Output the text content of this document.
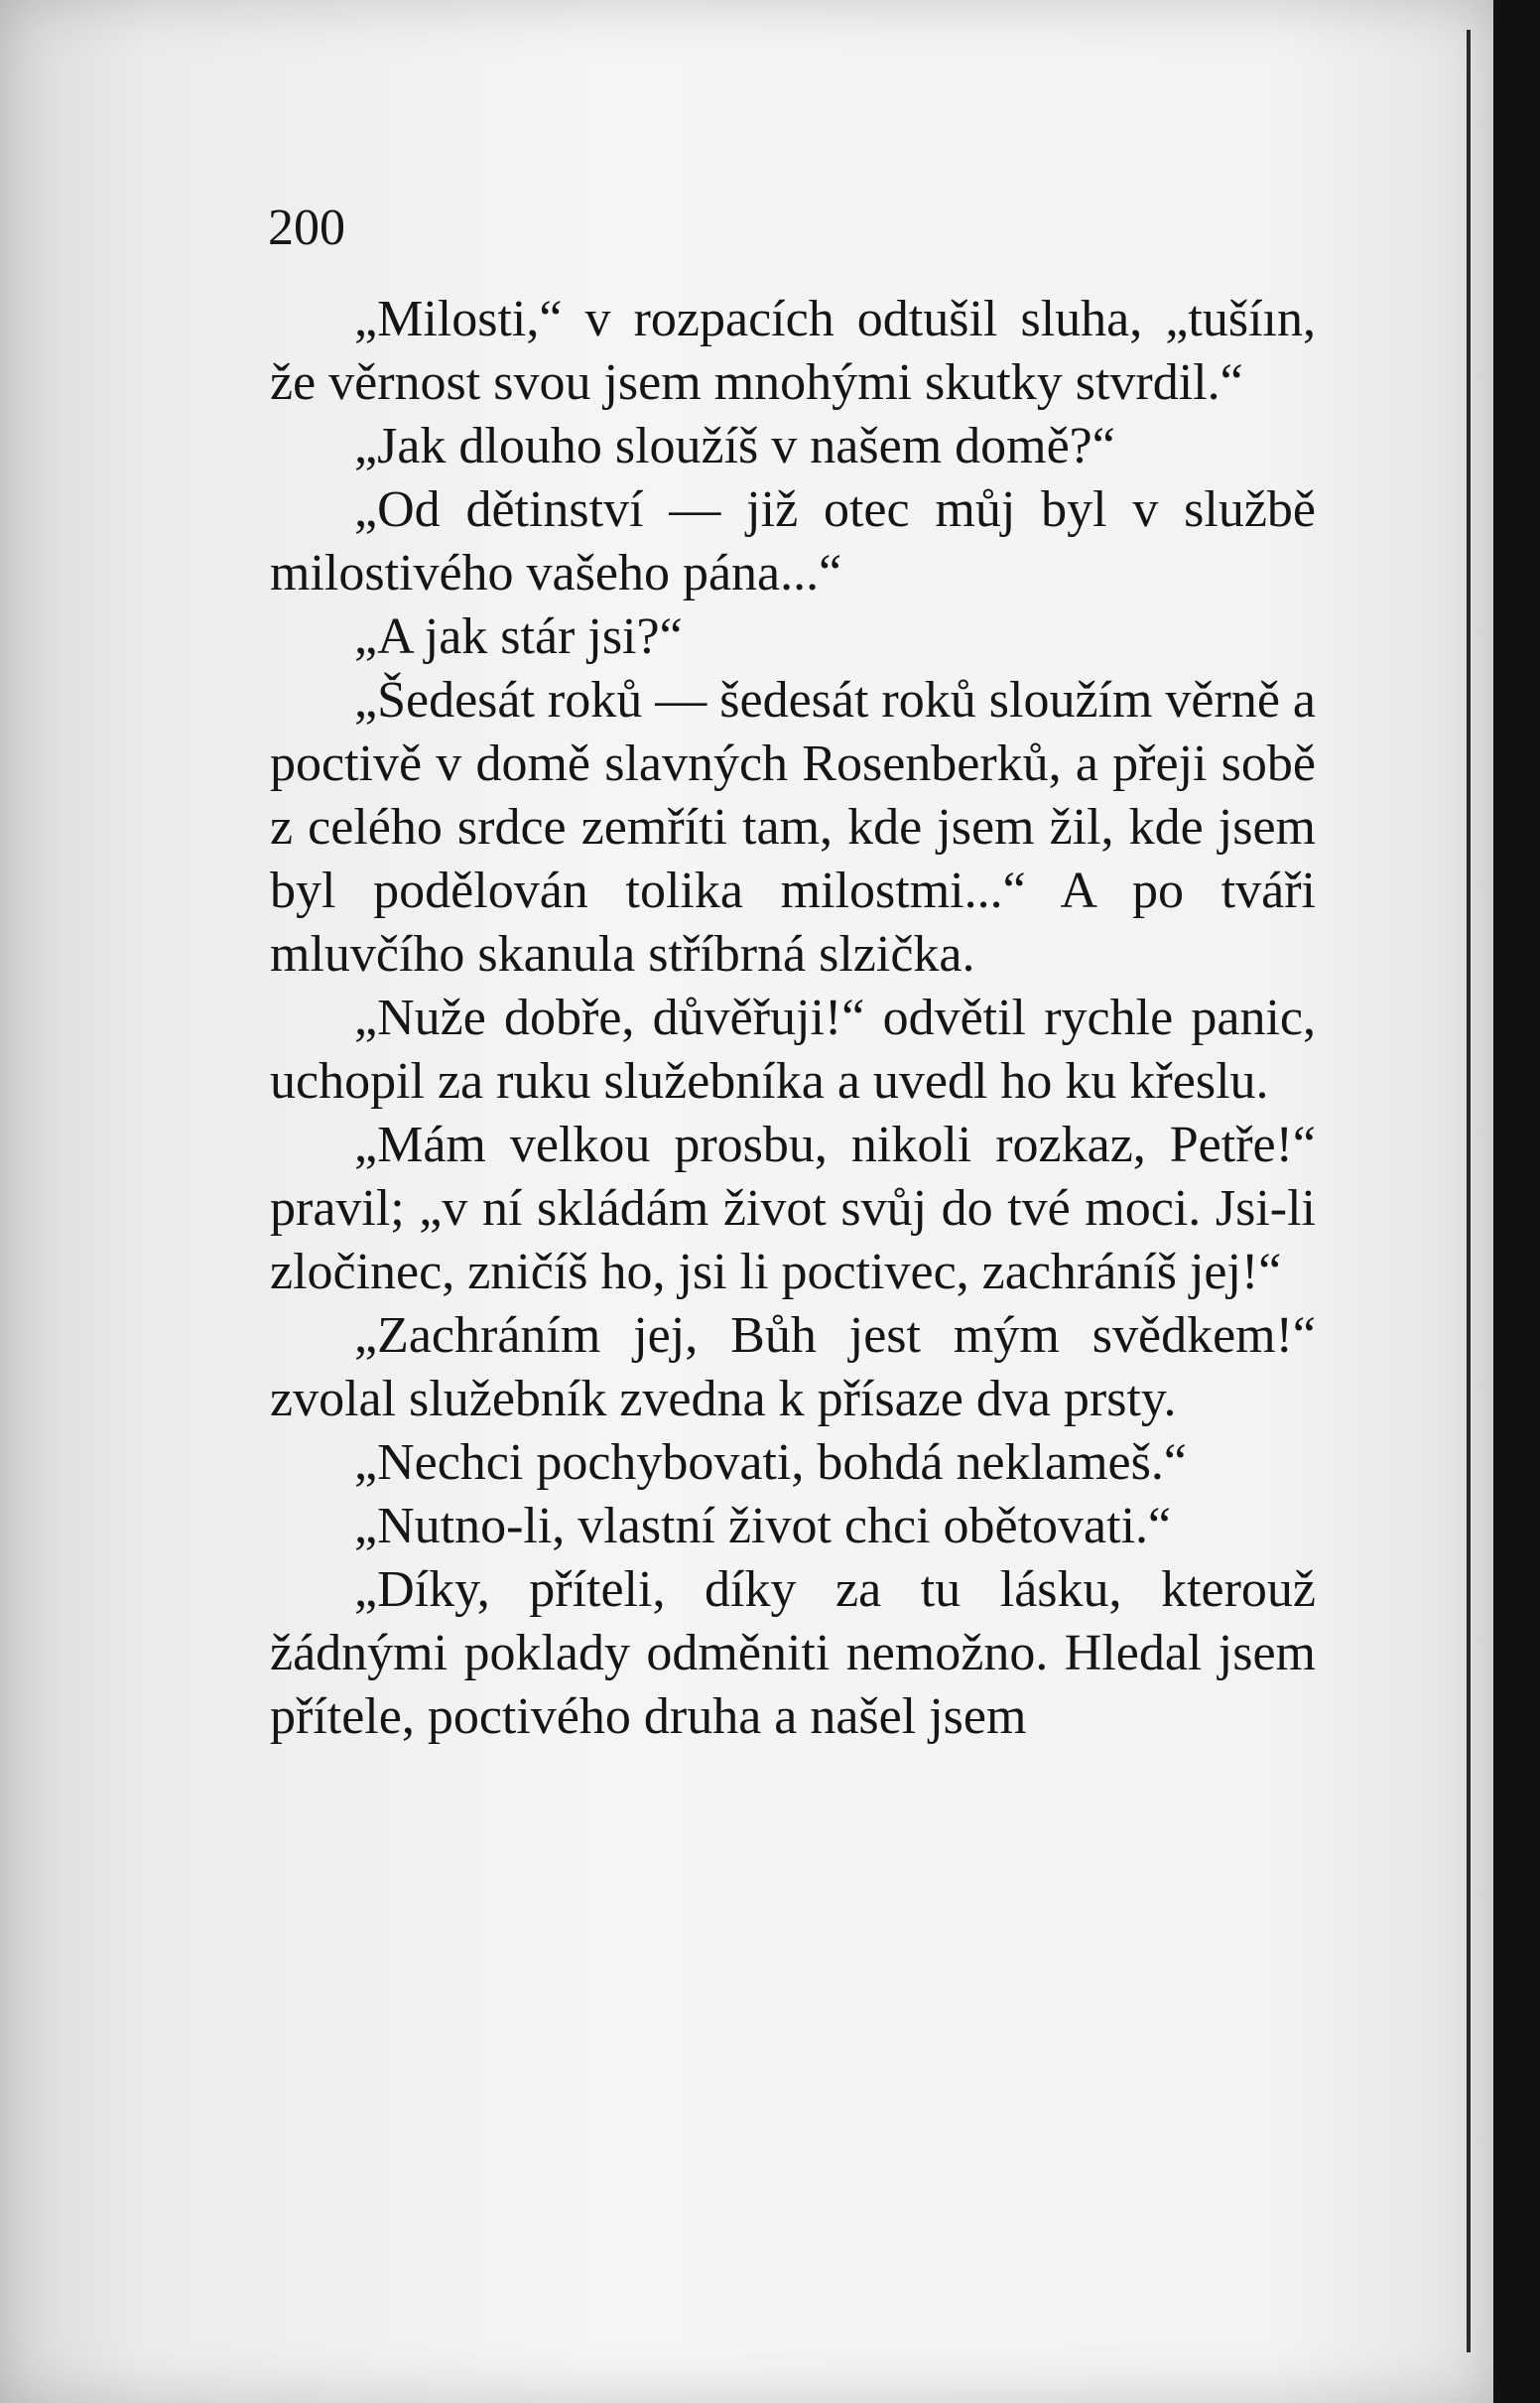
200

„Milosti,“ v rozpacích odtušil sluha, „tušíın, že věrnost svou jsem mnohými skutky stvrdil.“

„Jak dlouho sloužíš v našem domě?“

„Od dětinství — již otec můj byl v službě milostivého vašeho pána...“

„A jak stár jsi?“

„Šedesát roků — šedesát roků sloužím věrně a poctivě v domě slavných Rosenberků, a přeji sobě z celého srdce zemříti tam, kde jsem žil, kde jsem byl podělován tolika milostmi...“ A po tváři mluvčího skanula stříbrná slzička.

„Nuže dobře, důvěřuji!“ odvětil rychle panic, uchopil za ruku služebníka a uvedl ho ku křeslu.

„Mám velkou prosbu, nikoli rozkaz, Petře!“ pravil; „v ní skládám život svůj do tvé moci. Jsi-li zločinec, zničíš ho, jsi li poctivec, zachráníš jej!“

„Zachráním jej, Bůh jest mým svědkem!“ zvolal služebník zvedna k přísaze dva prsty.

„Nechci pochybovati, bohdá neklameš.“

„Nutno-li, vlastní život chci obětovati.“

„Díky, příteli, díky za tu lásku, kterouž žádnými poklady odměniti nemožno. Hledal jsem přítele, poctivého druha a našel jsem
